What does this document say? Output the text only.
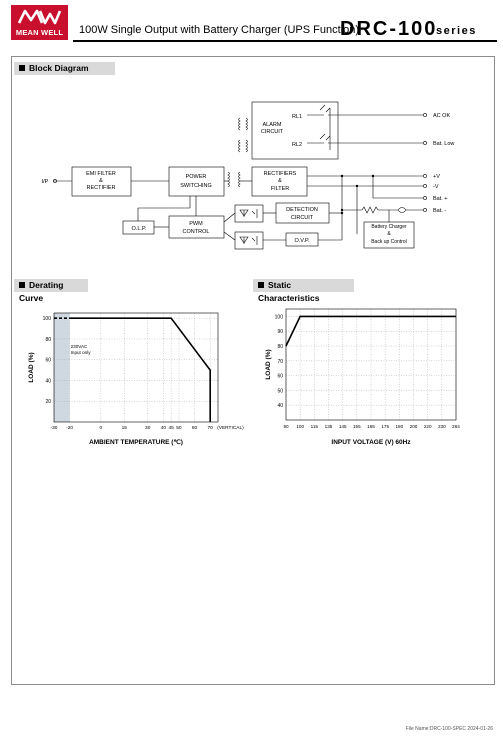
MEAN WELL	100W Single Output with Battery Charger (UPS Function)
DRC-100
series
Block Diagram
Derating Curve
Static Characteristics
I/P
EMI FILTER
&
RECTIFIER
POWER
SWITCHING
RECTIFIERS
&
FILTER
ALARM
CIRCUIT
RL1
RL2
DETECTION
CIRCUIT
O.V.P.
O.L.P.
PWM
CONTROL
Battery Charger
&
Back up Control
AC OK
Bat. Low
+V
-V
Bat. +
Bat. -
20
40
60
80
100
-30 -20	0	15	30 40 45 50 60 70 (VERTICAL)
230VAC
Input only
AMBIENT TEMPERATURE (℃)
LOAD (%)
40
50
60
70
80
90
100
90 100 115 135 145 155 165 175 180 200 220 230 264
INPUT VOLTAGE (V) 60Hz
LOAD (%)
File Name:DRC-100-SPEC 2024-01-26
